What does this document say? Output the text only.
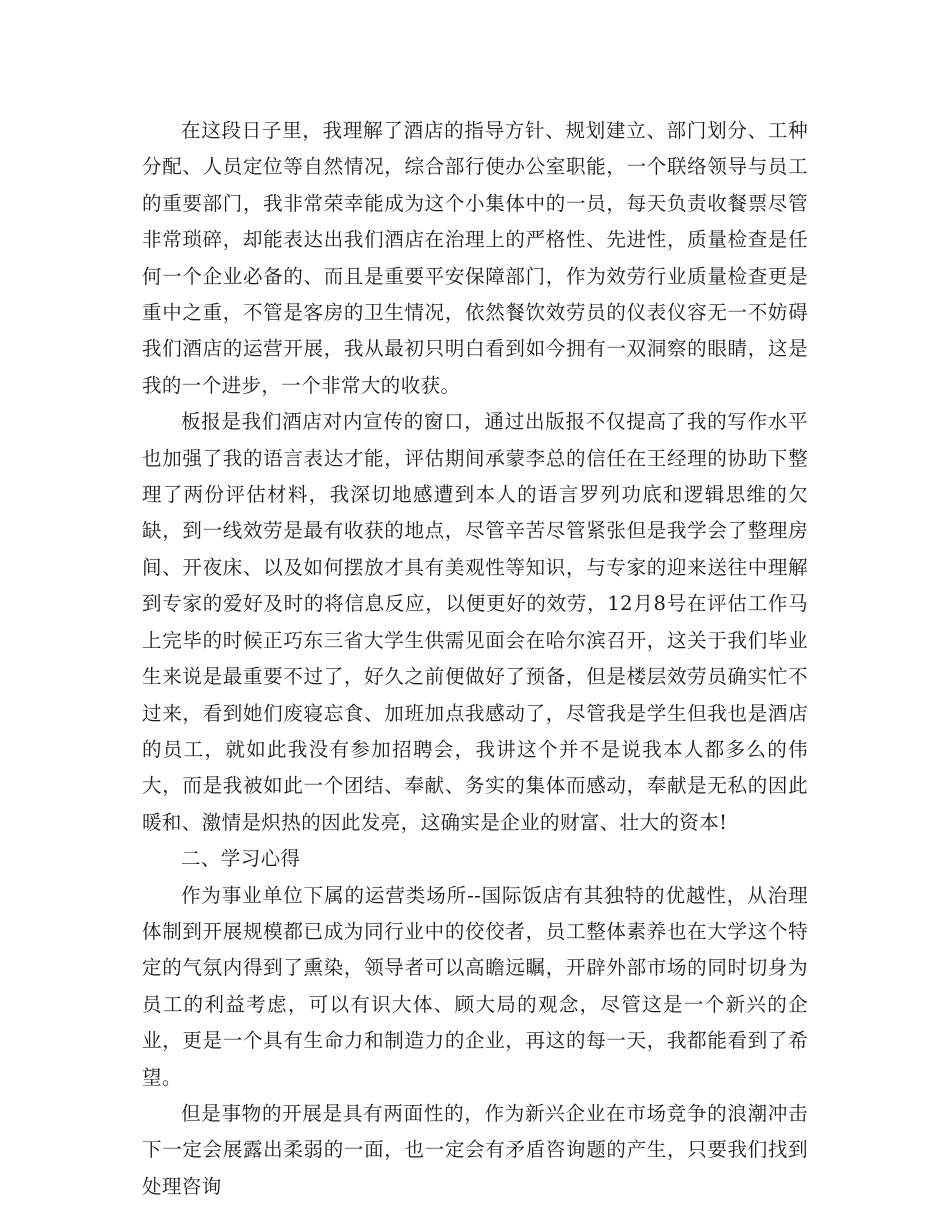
在这段日子里，我理解了酒店的指导方针、规划建立、部门划分、工种分配、人员定位等自然情况，综合部行使办公室职能，一个联络领导与员工的重要部门，我非常荣幸能成为这个小集体中的一员，每天负责收餐票尽管非常琐碎，却能表达出我们酒店在治理上的严格性、先进性，质量检查是任何一个企业必备的、而且是重要平安保障部门，作为效劳行业质量检查更是重中之重，不管是客房的卫生情况，依然餐饮效劳员的仪表仪容无一不妨碍我们酒店的运营开展，我从最初只明白看到如今拥有一双洞察的眼睛，这是我的一个进步，一个非常大的收获。

板报是我们酒店对内宣传的窗口，通过出版报不仅提高了我的写作水平也加强了我的语言表达才能，评估期间承蒙李总的信任在王经理的协助下整理了两份评估材料，我深切地感遭到本人的语言罗列功底和逻辑思维的欠缺，到一线效劳是最有收获的地点，尽管辛苦尽管紧张但是我学会了整理房间、开夜床、以及如何摆放才具有美观性等知识，与专家的迎来送往中理解到专家的爱好及时的将信息反应，以便更好的效劳，12月8号在评估工作马上完毕的时候正巧东三省大学生供需见面会在哈尔滨召开，这关于我们毕业生来说是最重要不过了，好久之前便做好了预备，但是楼层效劳员确实忙不过来，看到她们废寝忘食、加班加点我感动了，尽管我是学生但我也是酒店的员工，就如此我没有参加招聘会，我讲这个并不是说我本人都多么的伟大，而是我被如此一个团结、奉献、务实的集体而感动，奉献是无私的因此暖和、激情是炽热的因此发亮，这确实是企业的财富、壮大的资本!

二、学习心得

作为事业单位下属的运营类场所--国际饭店有其独特的优越性，从治理体制到开展规模都已成为同行业中的佼佼者，员工整体素养也在大学这个特定的气氛内得到了熏染，领导者可以高瞻远瞩，开辟外部市场的同时切身为员工的利益考虑，可以有识大体、顾大局的观念，尽管这是一个新兴的企业，更是一个具有生命力和制造力的企业，再这的每一天，我都能看到了希望。

但是事物的开展是具有两面性的，作为新兴企业在市场竞争的浪潮冲击下一定会展露出柔弱的一面，也一定会有矛盾咨询题的产生，只要我们找到处理咨询
